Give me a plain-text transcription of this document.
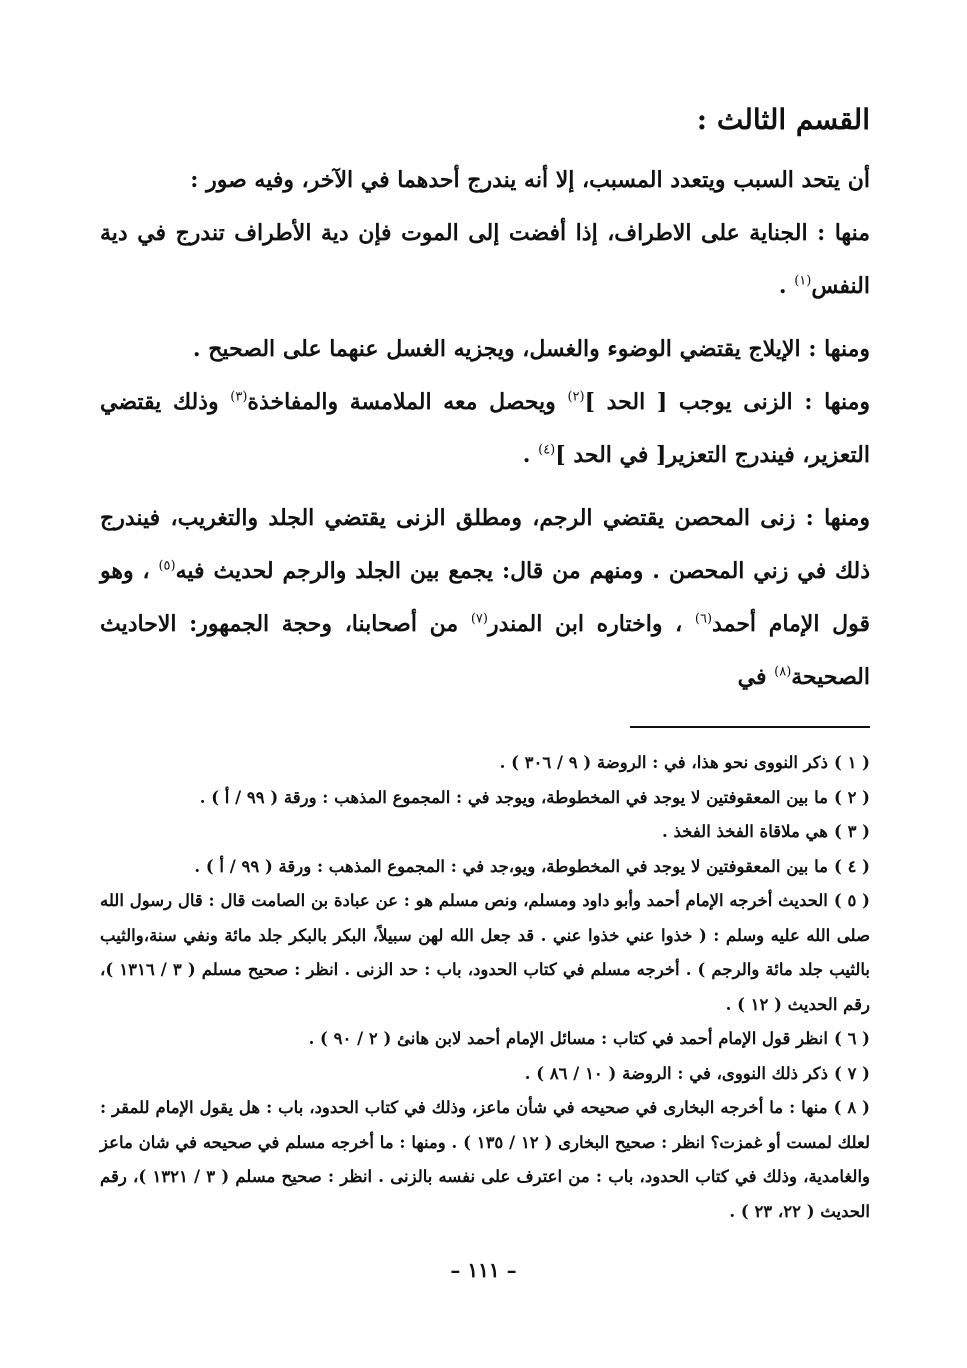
القسم الثالث :

أن يتحد السبب ويتعدد المسبب، إلا أنه يندرج أحدهما في الآخر، وفيه صور :

منها : الجناية على الاطراف، إذا أفضت إلى الموت فإن دية الأطراف تندرج في دية النفس$^{(١)}$ .

ومنها : الإيلاج يقتضي الوضوء والغسل، ويجزيه الغسل عنهما على الصحيح .

ومنها : الزنى يوجب [ الحد ]$^{(٢)}$ ويحصل معه الملامسة والمفاخذة$^{(٣)}$ وذلك يقتضي التعزير، فيندرج التعزير[ في الحد ]$^{(٤)}$ .

ومنها : زنى المحصن يقتضي الرجم، ومطلق الزنى يقتضي الجلد والتغريب، فيندرج ذلك في زني المحصن . ومنهم من قال: يجمع بين الجلد والرجم لحديث فيه$^{(٥)}$ ، وهو قول الإمام أحمد$^{(٦)}$ ، واختاره ابن المندر$^{(٧)}$ من أصحابنا، وحجة الجمهور: الاحاديث الصحيحة$^{(٨)}$ في

( ١ )ذكر النووى نحو هذا، في : الروضة ( ٩ / ٣٠٦ ) .

( ٢ )ما بين المعقوفتين لا يوجد في المخطوطة، ويوجد في : المجموع المذهب : ورقة ( ٩٩ / أ ) .

( ٣ )هي ملاقاة الفخذ الفخذ .

( ٤ )ما بين المعقوفتين لا يوجد في المخطوطة، ويو،جد في : المجموع المذهب : ورقة ( ٩٩ / أ ) .

( ٥ )الحديث أخرجه الإمام أحمد وأبو داود ومسلم، ونص مسلم هو : عن عبادة بن الصامت قال : قال رسول الله صلى الله عليه وسلم : ( خذوا عني خذوا عني . قد جعل الله لهن سبيلاً، البكر بالبكر جلد مائة ونفي سنة،والثيب بالثيب جلد مائة والرجم ) . أخرجه مسلم في كتاب الحدود، باب : حد الزنى . انظر : صحيح مسلم ( ٣ / ١٣١٦ )، رقم الحديث ( ١٢ ) .

( ٦ )انظر قول الإمام أحمد في كتاب : مسائل الإمام أحمد لابن هانئ ( ٢ / ٩٠ ) .

( ٧ )ذكر ذلك النووى، في : الروضة ( ١٠ / ٨٦ ) .

( ٨ )منها : ما أخرجه البخارى في صحيحه في شأن ماعز، وذلك في كتاب الحدود، باب : هل يقول الإمام للمقر : لعلك لمست أو غمزت؟ انظر : صحيح البخارى ( ١٢ / ١٣٥ ) . ومنها : ما أخرجه مسلم في صحيحه في شان ماعز والغامدية، وذلك في كتاب الحدود، باب : من اعترف على نفسه بالزنى . انظر : صحيح مسلم ( ٣ / ١٣٢١ )، رقم الحديث ( ٢٢، ٢٣ ) .

– ١١١ –
